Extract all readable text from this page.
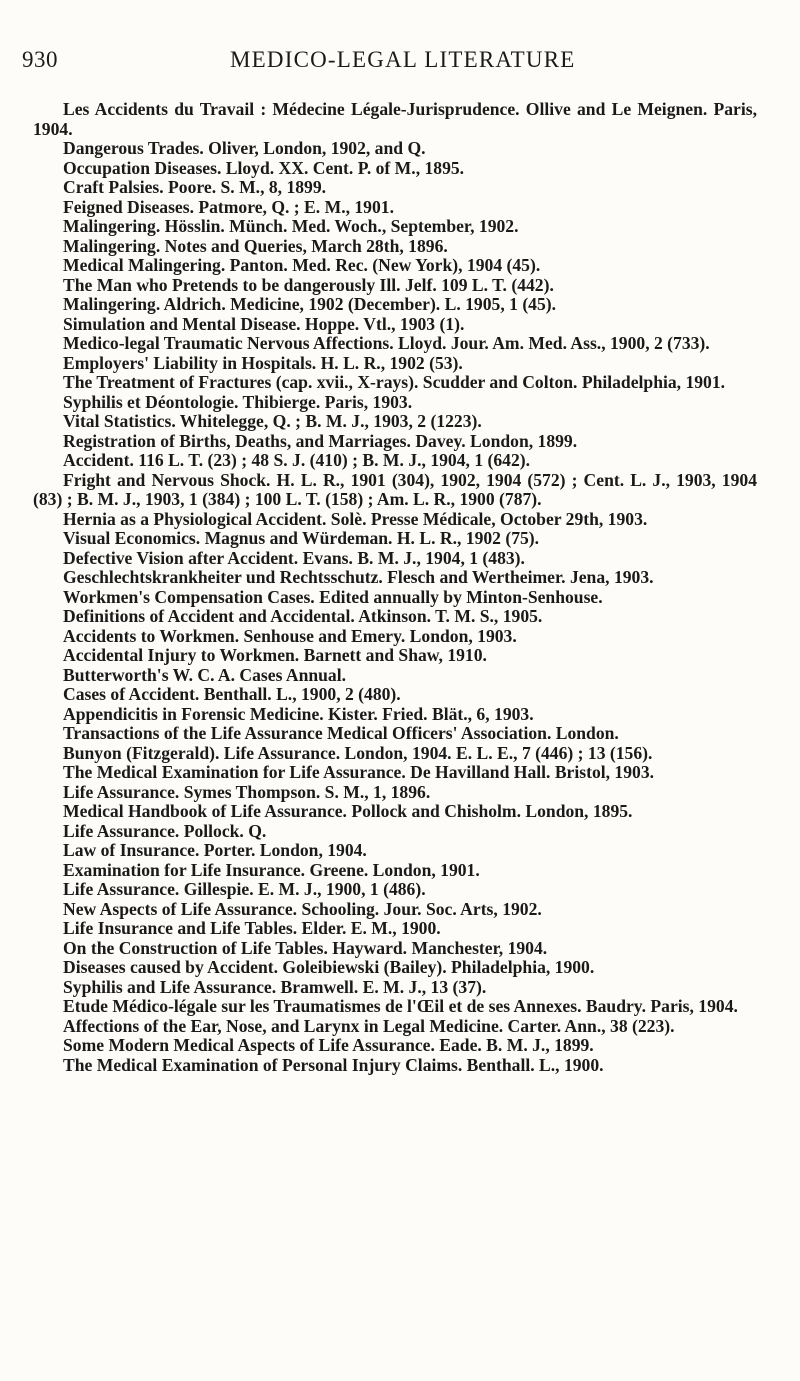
930	MEDICO-LEGAL LITERATURE

Les Accidents du Travail : Médecine Légale-Jurisprudence. Ollive and Le Meignen. Paris, 1904.

Dangerous Trades. Oliver, London, 1902, and Q.

Occupation Diseases. Lloyd. XX. Cent. P. of M., 1895.

Craft Palsies. Poore. S. M., 8, 1899.

Feigned Diseases. Patmore, Q. ; E. M., 1901.

Malingering. Hösslin. Münch. Med. Woch., September, 1902.

Malingering. Notes and Queries, March 28th, 1896.

Medical Malingering. Panton. Med. Rec. (New York), 1904 (45).

The Man who Pretends to be dangerously Ill. Jelf. 109 L. T. (442).

Malingering. Aldrich. Medicine, 1902 (December). L. 1905, 1 (45).

Simulation and Mental Disease. Hoppe. Vtl., 1903 (1).

Medico-legal Traumatic Nervous Affections. Lloyd. Jour. Am. Med. Ass., 1900, 2 (733).

Employers' Liability in Hospitals. H. L. R., 1902 (53).

The Treatment of Fractures (cap. xvii., X-rays). Scudder and Colton. Philadelphia, 1901.

Syphilis et Déontologie. Thibierge. Paris, 1903.

Vital Statistics. Whitelegge, Q. ; B. M. J., 1903, 2 (1223).

Registration of Births, Deaths, and Marriages. Davey. London, 1899.

Accident. 116 L. T. (23) ; 48 S. J. (410) ; B. M. J., 1904, 1 (642).

Fright and Nervous Shock. H. L. R., 1901 (304), 1902, 1904 (572) ; Cent. L. J., 1903, 1904 (83) ; B. M. J., 1903, 1 (384) ; 100 L. T. (158) ; Am. L. R., 1900 (787).

Hernia as a Physiological Accident. Solè. Presse Médicale, October 29th, 1903.

Visual Economics. Magnus and Würdeman. H. L. R., 1902 (75).

Defective Vision after Accident. Evans. B. M. J., 1904, 1 (483).

Geschlechtskrankheiter und Rechtsschutz. Flesch and Wertheimer. Jena, 1903.

Workmen's Compensation Cases. Edited annually by Minton-Senhouse.

Definitions of Accident and Accidental. Atkinson. T. M. S., 1905.

Accidents to Workmen. Senhouse and Emery. London, 1903.

Accidental Injury to Workmen. Barnett and Shaw, 1910.

Butterworth's W. C. A. Cases Annual.

Cases of Accident. Benthall. L., 1900, 2 (480).

Appendicitis in Forensic Medicine. Kister. Fried. Blät., 6, 1903.

Transactions of the Life Assurance Medical Officers' Association. London.

Bunyon (Fitzgerald). Life Assurance. London, 1904. E. L. E., 7 (446) ; 13 (156).

The Medical Examination for Life Assurance. De Havilland Hall. Bristol, 1903.

Life Assurance. Symes Thompson. S. M., 1, 1896.

Medical Handbook of Life Assurance. Pollock and Chisholm. London, 1895.

Life Assurance. Pollock. Q.

Law of Insurance. Porter. London, 1904.

Examination for Life Insurance. Greene. London, 1901.

Life Assurance. Gillespie. E. M. J., 1900, 1 (486).

New Aspects of Life Assurance. Schooling. Jour. Soc. Arts, 1902.

Life Insurance and Life Tables. Elder. E. M., 1900.

On the Construction of Life Tables. Hayward. Manchester, 1904.

Diseases caused by Accident. Goleibiewski (Bailey). Philadelphia, 1900.

Syphilis and Life Assurance. Bramwell. E. M. J., 13 (37).

Etude Médico-légale sur les Traumatismes de l'Œil et de ses Annexes. Baudry. Paris, 1904.

Affections of the Ear, Nose, and Larynx in Legal Medicine. Carter. Ann., 38 (223).

Some Modern Medical Aspects of Life Assurance. Eade. B. M. J., 1899.

The Medical Examination of Personal Injury Claims. Benthall. L., 1900.
